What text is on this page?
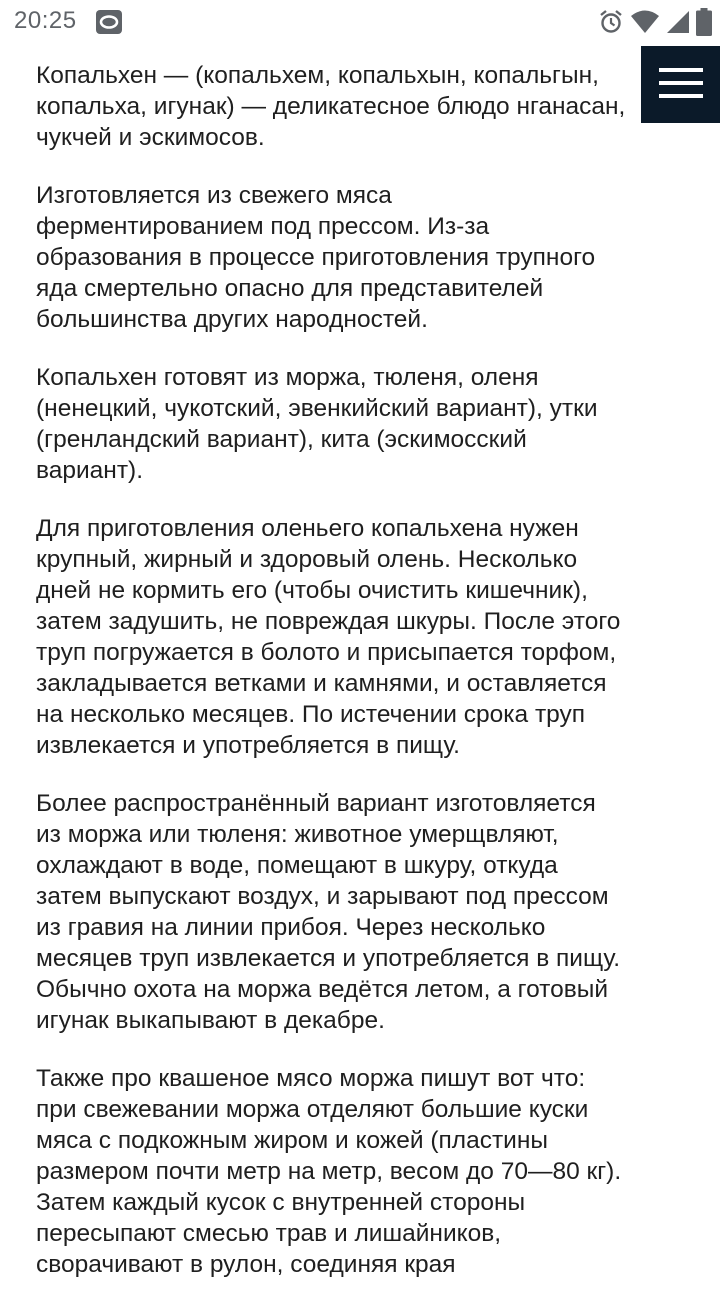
20:25

Копальхен — (копальхем, копальхын, копальгын,
копальха, игунак) — деликатесное блюдо нганасан,
чукчей и эскимосов.

Изготовляется из свежего мяса
ферментированием под прессом. Из-за
образования в процессе приготовления трупного
яда смертельно опасно для представителей
большинства других народностей.

Копальхен готовят из моржа, тюленя, оленя
(ненецкий, чукотский, эвенкийский вариант), утки
(гренландский вариант), кита (эскимосский
вариант).

Для приготовления оленьего копальхена нужен
крупный, жирный и здоровый олень. Несколько
дней не кормить его (чтобы очистить кишечник),
затем задушить, не повреждая шкуры. После этого
труп погружается в болото и присыпается торфом,
закладывается ветками и камнями, и оставляется
на несколько месяцев. По истечении срока труп
извлекается и употребляется в пищу.

Более распространённый вариант изготовляется
из моржа или тюленя: животное умерщвляют,
охлаждают в воде, помещают в шкуру, откуда
затем выпускают воздух, и зарывают под прессом
из гравия на линии прибоя. Через несколько
месяцев труп извлекается и употребляется в пищу.
Обычно охота на моржа ведётся летом, а готовый
игунак выкапывают в декабре.

Также про квашеное мясо моржа пишут вот что:
при свежевании моржа отделяют большие куски
мяса с подкожным жиром и кожей (пластины
размером почти метр на метр, весом до 70—80 кг).
Затем каждый кусок с внутренней стороны
пересыпают смесью трав и лишайников,
сворачивают в рулон, соединяя края
